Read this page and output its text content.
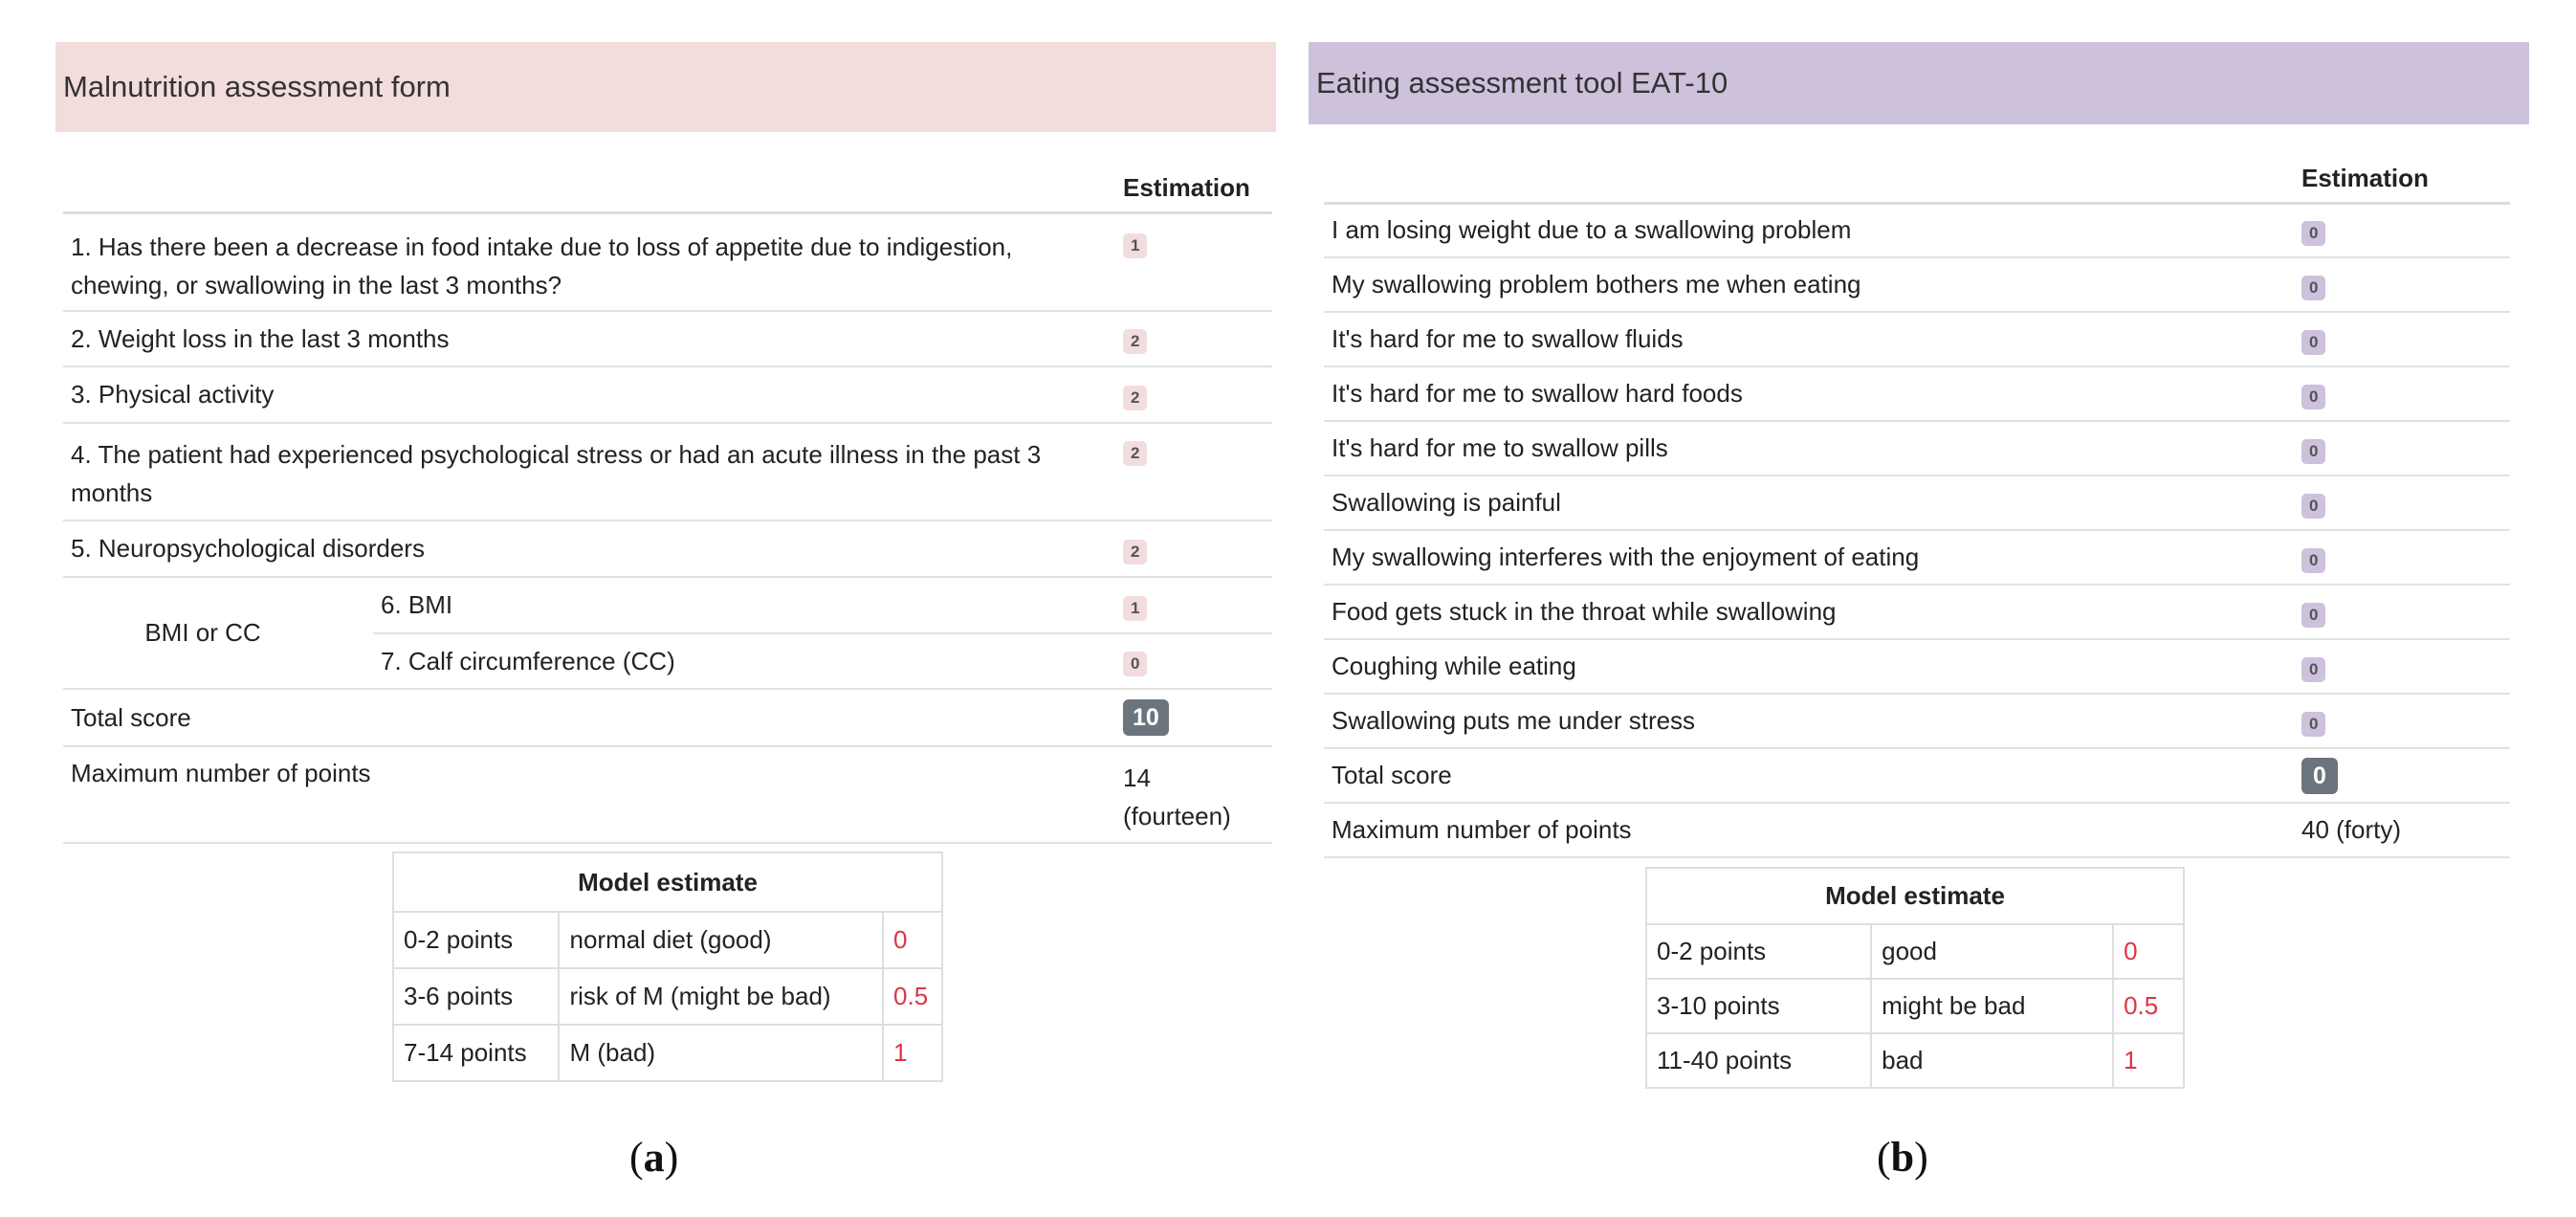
Malnutrition assessment form
		Estimation
1. Has there been a decrease in food intake due to loss of appetite due to indigestion, chewing, or swallowing in the last 3 months?		1
2. Weight loss in the last 3 months		2
3. Physical activity		2
4. The patient had experienced psychological stress or had an acute illness in the past 3 months		2
5. Neuropsychological disorders		2
BMI or CC	6. BMI	1
	7. Calf circumference (CC)	0
Total score		10
Maximum number of points		14
(fourteen)
Model estimate		
0-2 points	normal diet (good)	0
3-6 points	risk of M (might be bad)	0.5
7-14 points	M (bad)	1
(a)
Eating assessment tool EAT-10
	Estimation
I am losing weight due to a swallowing problem	0
My swallowing problem bothers me when eating	0
It's hard for me to swallow fluids	0
It's hard for me to swallow hard foods	0
It's hard for me to swallow pills	0
Swallowing is painful	0
My swallowing interferes with the enjoyment of eating	0
Food gets stuck in the throat while swallowing	0
Coughing while eating	0
Swallowing puts me under stress	0
Total score	0
Maximum number of points	40 (forty)
Model estimate		
0-2 points	good	0
3-10 points	might be bad	0.5
11-40 points	bad	1
(b)
